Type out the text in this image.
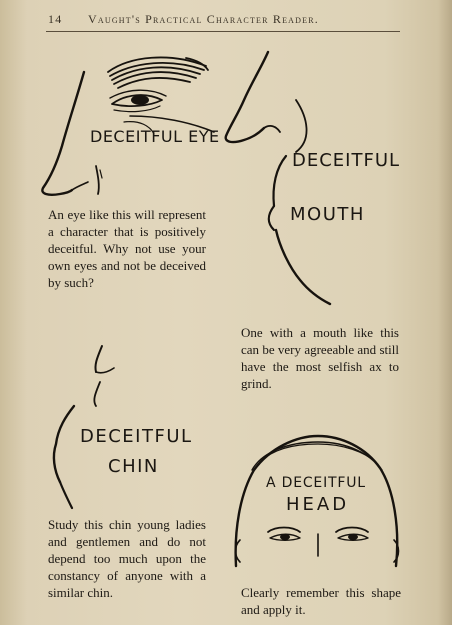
14 Vaught's Practical Character Reader.
DECEITFUL EYE
DECEITFUL
MOUTH
DECEITFUL
CHIN
A DECEITFUL
HEAD
An eye like this will represent a character that is positively deceitful. Why not use your own eyes and not be deceived by such?
One with a mouth like this can be very agreeable and still have the most selfish ax to grind.
Study this chin young ladies and gentlemen and do not depend too much upon the constancy of anyone with a similar chin.	Clearly remember this shape and apply it.
